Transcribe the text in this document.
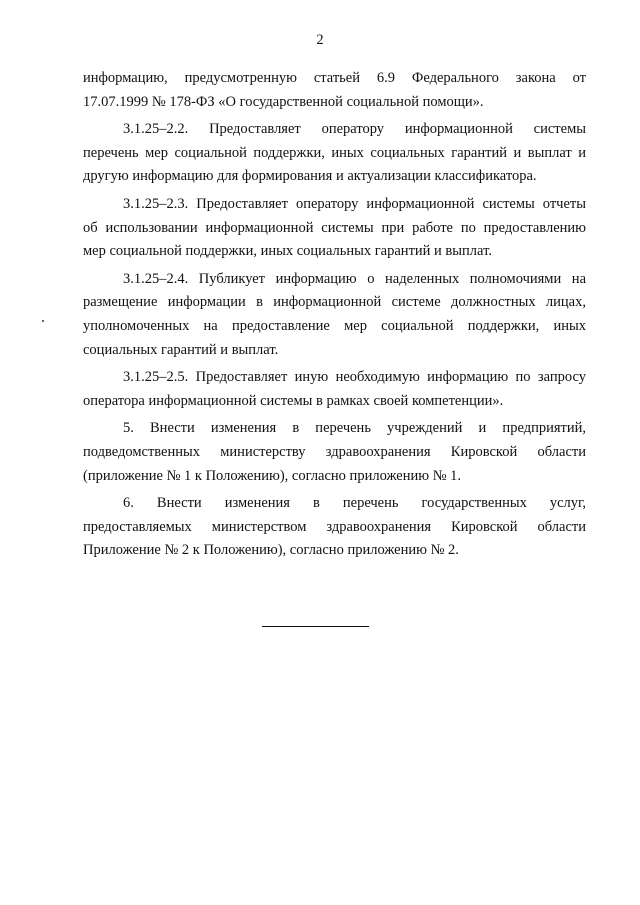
2
информацию, предусмотренную статьей 6.9 Федерального закона от
17.07.1999 № 178-ФЗ «О государственной социальной помощи».
3.1.25–2.2. Предоставляет оператору информационной системы
перечень мер социальной поддержки, иных социальных гарантий и выплат и
другую информацию для формирования и актуализации классификатора.
3.1.25–2.3. Предоставляет оператору информационной системы отчеты
об использовании информационной системы при работе по предоставлению
мер социальной поддержки, иных социальных гарантий и выплат.
3.1.25–2.4. Публикует информацию о наделенных полномочиями на
размещение информации в информационной системе должностных лицах,
уполномоченных на предоставление мер социальной поддержки, иных
социальных гарантий и выплат.
3.1.25–2.5. Предоставляет иную необходимую информацию по запросу
оператора информационной системы в рамках своей компетенции».
5. Внести изменения в перечень учреждений и предприятий,
подведомственных министерству здравоохранения Кировской области
(приложение № 1 к Положению), согласно приложению № 1.
6. Внести изменения в перечень государственных услуг,
предоставляемых министерством здравоохранения Кировской области
Приложение № 2 к Положению), согласно приложению № 2.
